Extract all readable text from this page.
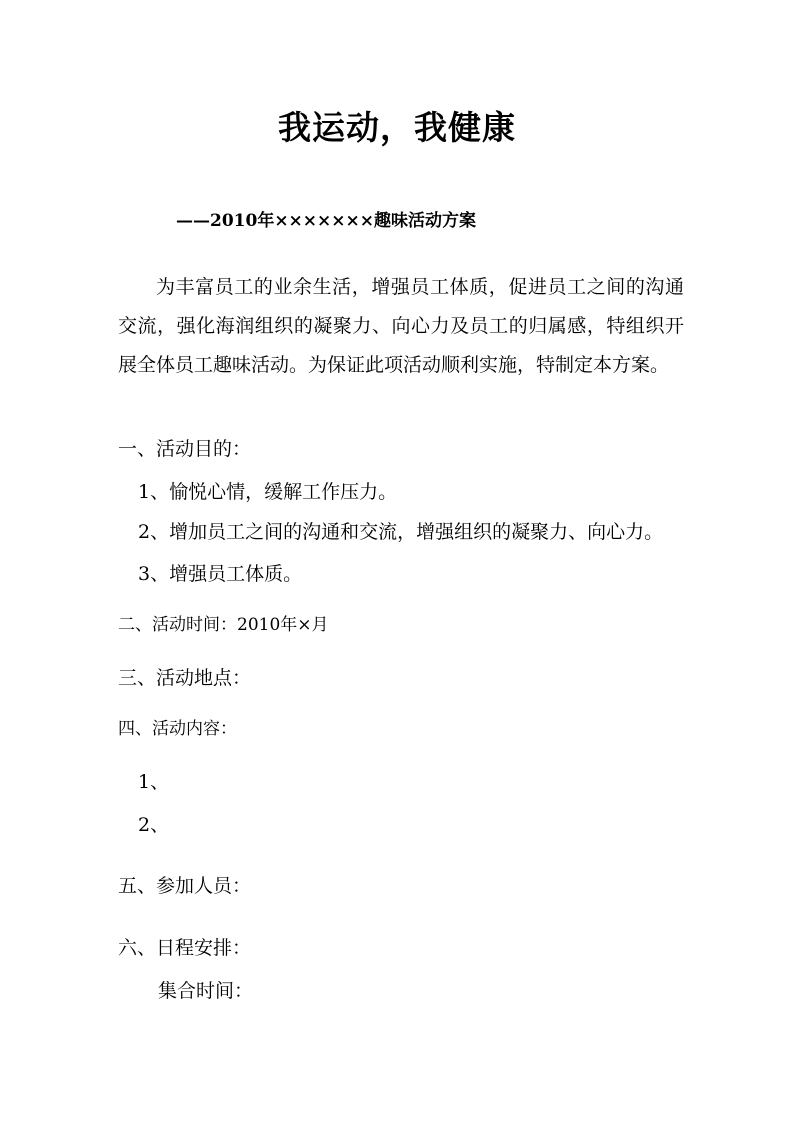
我运动，我健康
——2010年×××××××趣味活动方案
为丰富员工的业余生活，增强员工体质，促进员工之间的沟通交流，强化海润组织的凝聚力、向心力及员工的归属感，特组织开展全体员工趣味活动。为保证此项活动顺利实施，特制定本方案。
一、活动目的：
1、愉悦心情，缓解工作压力。
2、增加员工之间的沟通和交流，增强组织的凝聚力、向心力。
3、增强员工体质。
二、活动时间：2010年×月
三、活动地点：
四、活动内容：
1、
2、
五、参加人员：
六、日程安排：
集合时间：
